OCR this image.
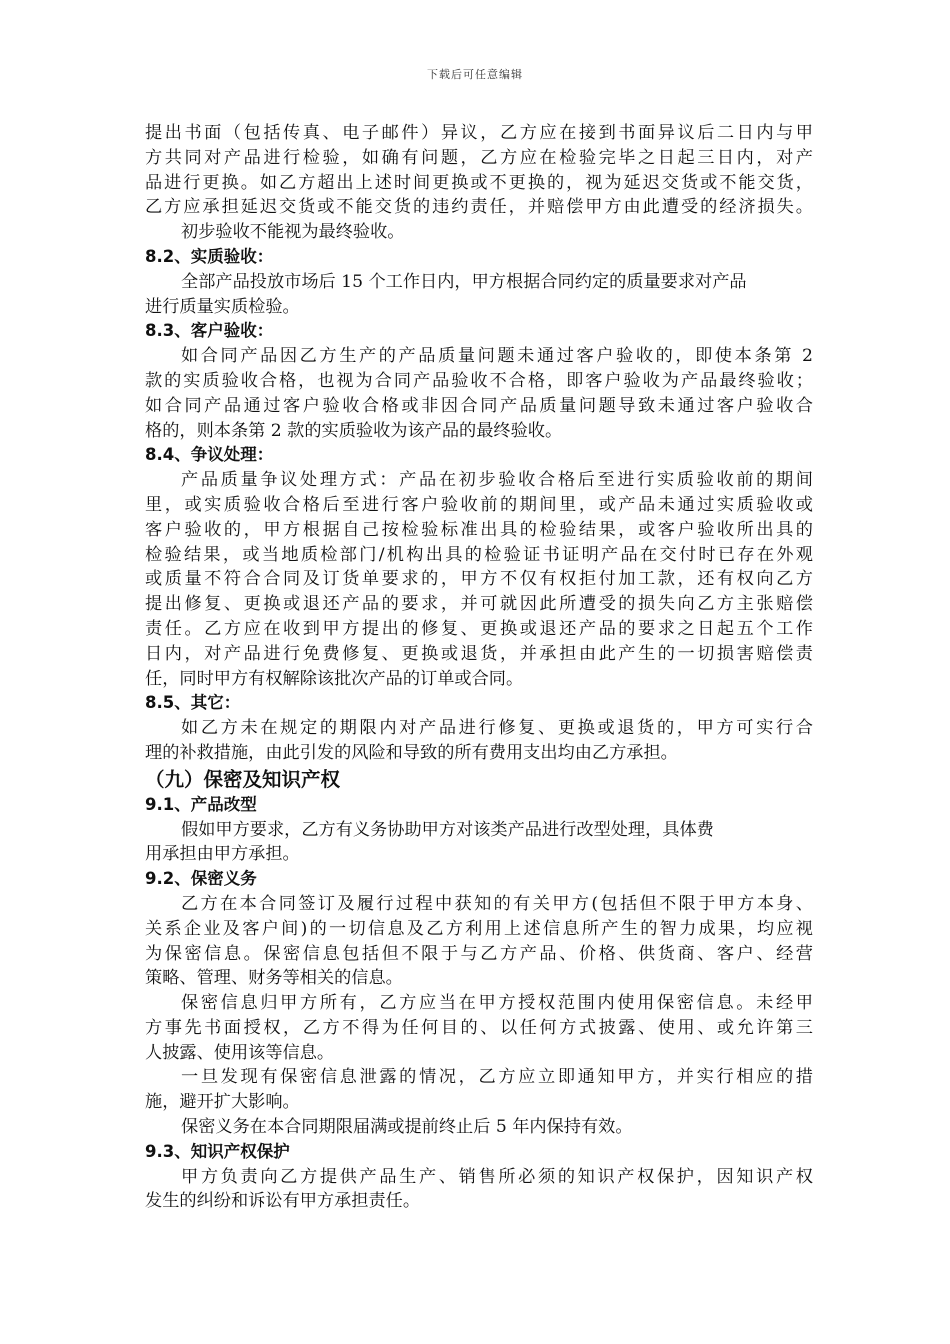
下载后可任意编辑
提出书面（包括传真、电子邮件）异议，乙方应在接到书面异议后二日内与甲
方共同对产品进行检验，如确有问题，乙方应在检验完毕之日起三日内，对产
品进行更换。如乙方超出上述时间更换或不更换的，视为延迟交货或不能交货，
乙方应承担延迟交货或不能交货的违约责任，并赔偿甲方由此遭受的经济损失。
初步验收不能视为最终验收。
8.2、实质验收：
全部产品投放市场后 15 个工作日内，甲方根据合同约定的质量要求对产品
进行质量实质检验。
8.3、客户验收：
如合同产品因乙方生产的产品质量问题未通过客户验收的，即使本条第 2
款的实质验收合格，也视为合同产品验收不合格，即客户验收为产品最终验收；
如合同产品通过客户验收合格或非因合同产品质量问题导致未通过客户验收合
格的，则本条第 2 款的实质验收为该产品的最终验收。
8.4、争议处理：
产品质量争议处理方式：产品在初步验收合格后至进行实质验收前的期间
里，或实质验收合格后至进行客户验收前的期间里，或产品未通过实质验收或
客户验收的，甲方根据自己按检验标准出具的检验结果，或客户验收所出具的
检验结果，或当地质检部门/机构出具的检验证书证明产品在交付时已存在外观
或质量不符合合同及订货单要求的，甲方不仅有权拒付加工款，还有权向乙方
提出修复、更换或退还产品的要求，并可就因此所遭受的损失向乙方主张赔偿
责任。乙方应在收到甲方提出的修复、更换或退还产品的要求之日起五个工作
日内，对产品进行免费修复、更换或退货，并承担由此产生的一切损害赔偿责
任，同时甲方有权解除该批次产品的订单或合同。
8.5、其它：
如乙方未在规定的期限内对产品进行修复、更换或退货的，甲方可实行合
理的补救措施，由此引发的风险和导致的所有费用支出均由乙方承担。
（九）保密及知识产权
9.1、产品改型
假如甲方要求，乙方有义务协助甲方对该类产品进行改型处理，具体费
用承担由甲方承担。
9.2、保密义务
乙方在本合同签订及履行过程中获知的有关甲方(包括但不限于甲方本身、
关系企业及客户间)的一切信息及乙方利用上述信息所产生的智力成果，均应视
为保密信息。保密信息包括但不限于与乙方产品、价格、供货商、客户、经营
策略、管理、财务等相关的信息。
保密信息归甲方所有，乙方应当在甲方授权范围内使用保密信息。未经甲
方事先书面授权，乙方不得为任何目的、以任何方式披露、使用、或允许第三
人披露、使用该等信息。
一旦发现有保密信息泄露的情况，乙方应立即通知甲方，并实行相应的措
施，避开扩大影响。
保密义务在本合同期限届满或提前终止后 5 年内保持有效。
9.3、知识产权保护
甲方负责向乙方提供产品生产、销售所必须的知识产权保护，因知识产权
发生的纠纷和诉讼有甲方承担责任。
